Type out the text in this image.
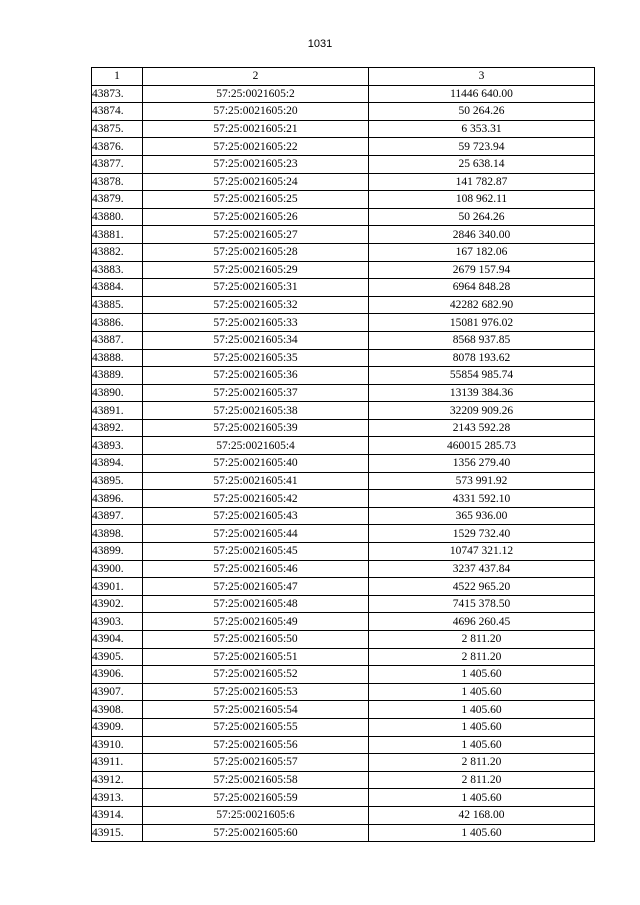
1031
1	2	3
43873.	57:25:0021605:2	11446 640.00
43874.	57:25:0021605:20	50 264.26
43875.	57:25:0021605:21	6 353.31
43876.	57:25:0021605:22	59 723.94
43877.	57:25:0021605:23	25 638.14
43878.	57:25:0021605:24	141 782.87
43879.	57:25:0021605:25	108 962.11
43880.	57:25:0021605:26	50 264.26
43881.	57:25:0021605:27	2846 340.00
43882.	57:25:0021605:28	167 182.06
43883.	57:25:0021605:29	2679 157.94
43884.	57:25:0021605:31	6964 848.28
43885.	57:25:0021605:32	42282 682.90
43886.	57:25:0021605:33	15081 976.02
43887.	57:25:0021605:34	8568 937.85
43888.	57:25:0021605:35	8078 193.62
43889.	57:25:0021605:36	55854 985.74
43890.	57:25:0021605:37	13139 384.36
43891.	57:25:0021605:38	32209 909.26
43892.	57:25:0021605:39	2143 592.28
43893.	57:25:0021605:4	460015 285.73
43894.	57:25:0021605:40	1356 279.40
43895.	57:25:0021605:41	573 991.92
43896.	57:25:0021605:42	4331 592.10
43897.	57:25:0021605:43	365 936.00
43898.	57:25:0021605:44	1529 732.40
43899.	57:25:0021605:45	10747 321.12
43900.	57:25:0021605:46	3237 437.84
43901.	57:25:0021605:47	4522 965.20
43902.	57:25:0021605:48	7415 378.50
43903.	57:25:0021605:49	4696 260.45
43904.	57:25:0021605:50	2 811.20
43905.	57:25:0021605:51	2 811.20
43906.	57:25:0021605:52	1 405.60
43907.	57:25:0021605:53	1 405.60
43908.	57:25:0021605:54	1 405.60
43909.	57:25:0021605:55	1 405.60
43910.	57:25:0021605:56	1 405.60
43911.	57:25:0021605:57	2 811.20
43912.	57:25:0021605:58	2 811.20
43913.	57:25:0021605:59	1 405.60
43914.	57:25:0021605:6	42 168.00
43915.	57:25:0021605:60	1 405.60
